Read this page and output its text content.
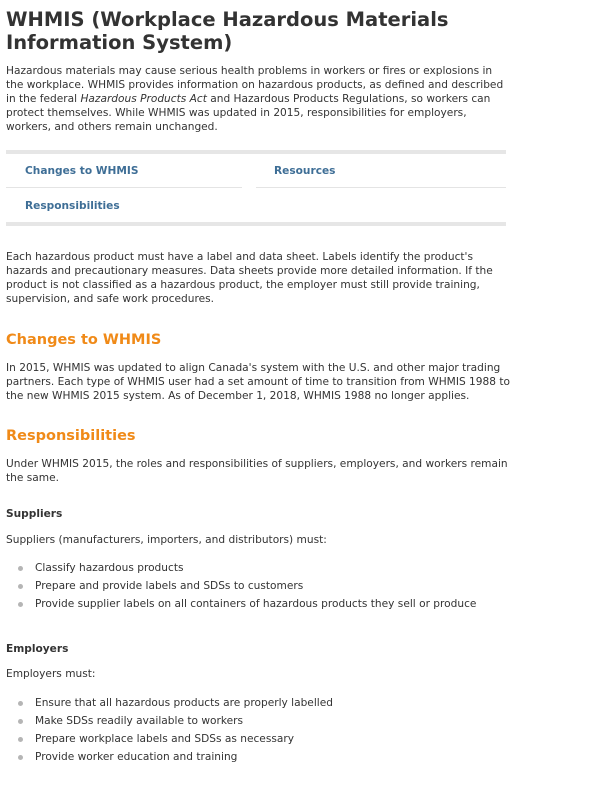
WHMIS (Workplace Hazardous Materials Information System)

Hazardous materials may cause serious health problems in workers or fires or explosions in the workplace. WHMIS provides information on hazardous products, as defined and described in the federal Hazardous Products Act and Hazardous Products Regulations, so workers can protect themselves. While WHMIS was updated in 2015, responsibilities for employers, workers, and others remain unchanged.

Changes to WHMIS	Resources
Responsibilities

Each hazardous product must have a label and data sheet. Labels identify the product's hazards and precautionary measures. Data sheets provide more detailed information. If the product is not classified as a hazardous product, the employer must still provide training, supervision, and safe work procedures.

Changes to WHMIS

In 2015, WHMIS was updated to align Canada's system with the U.S. and other major trading partners. Each type of WHMIS user had a set amount of time to transition from WHMIS 1988 to the new WHMIS 2015 system. As of December 1, 2018, WHMIS 1988 no longer applies.

Responsibilities

Under WHMIS 2015, the roles and responsibilities of suppliers, employers, and workers remain the same.

Suppliers

Suppliers (manufacturers, importers, and distributors) must:

Classify hazardous products
Prepare and provide labels and SDSs to customers
Provide supplier labels on all containers of hazardous products they sell or produce
Employers

Employers must:

Ensure that all hazardous products are properly labelled
Make SDSs readily available to workers
Prepare workplace labels and SDSs as necessary
Provide worker education and training
